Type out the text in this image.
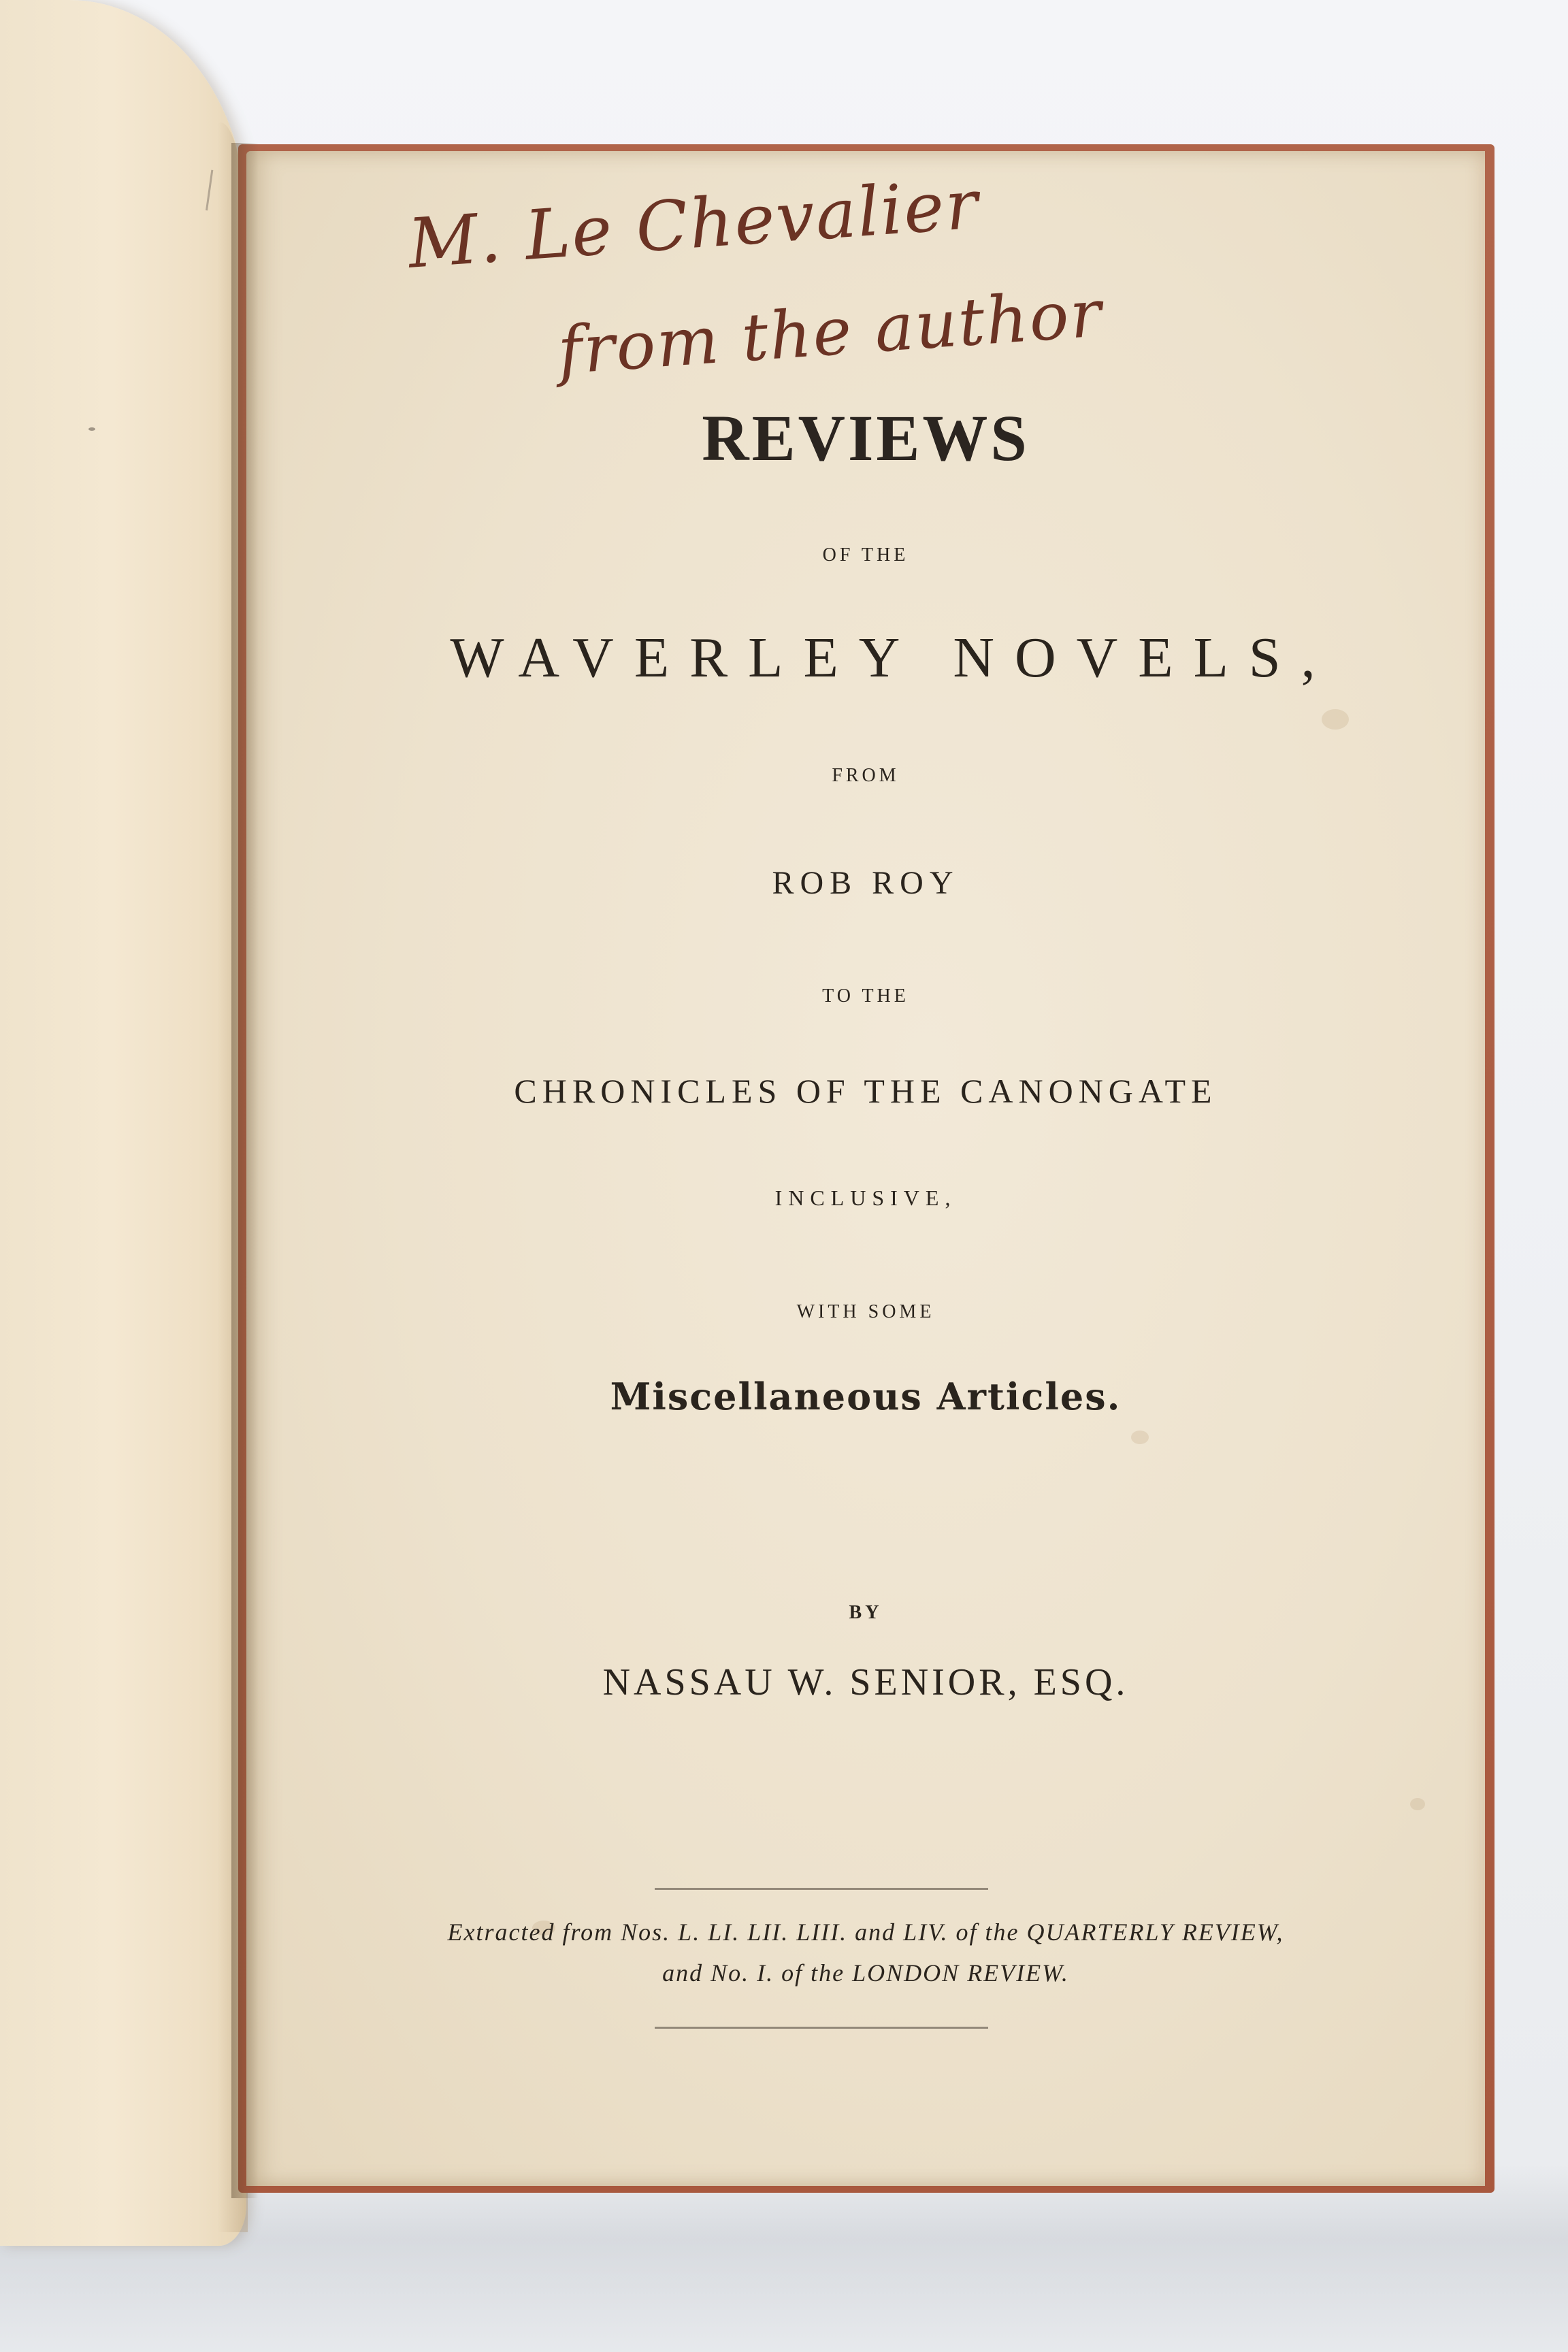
M. Le Chevalier
from the author
REVIEWS
OF THE
WAVERLEY NOVELS,
FROM
ROB ROY
TO THE
CHRONICLES OF THE CANONGATE
INCLUSIVE,
WITH SOME
Miscellaneous Articles.
BY
NASSAU W. SENIOR, ESQ.
Extracted from Nos. L. LI. LII. LIII. and LIV. of the QUARTERLY REVIEW,
and No. I. of the LONDON REVIEW.
